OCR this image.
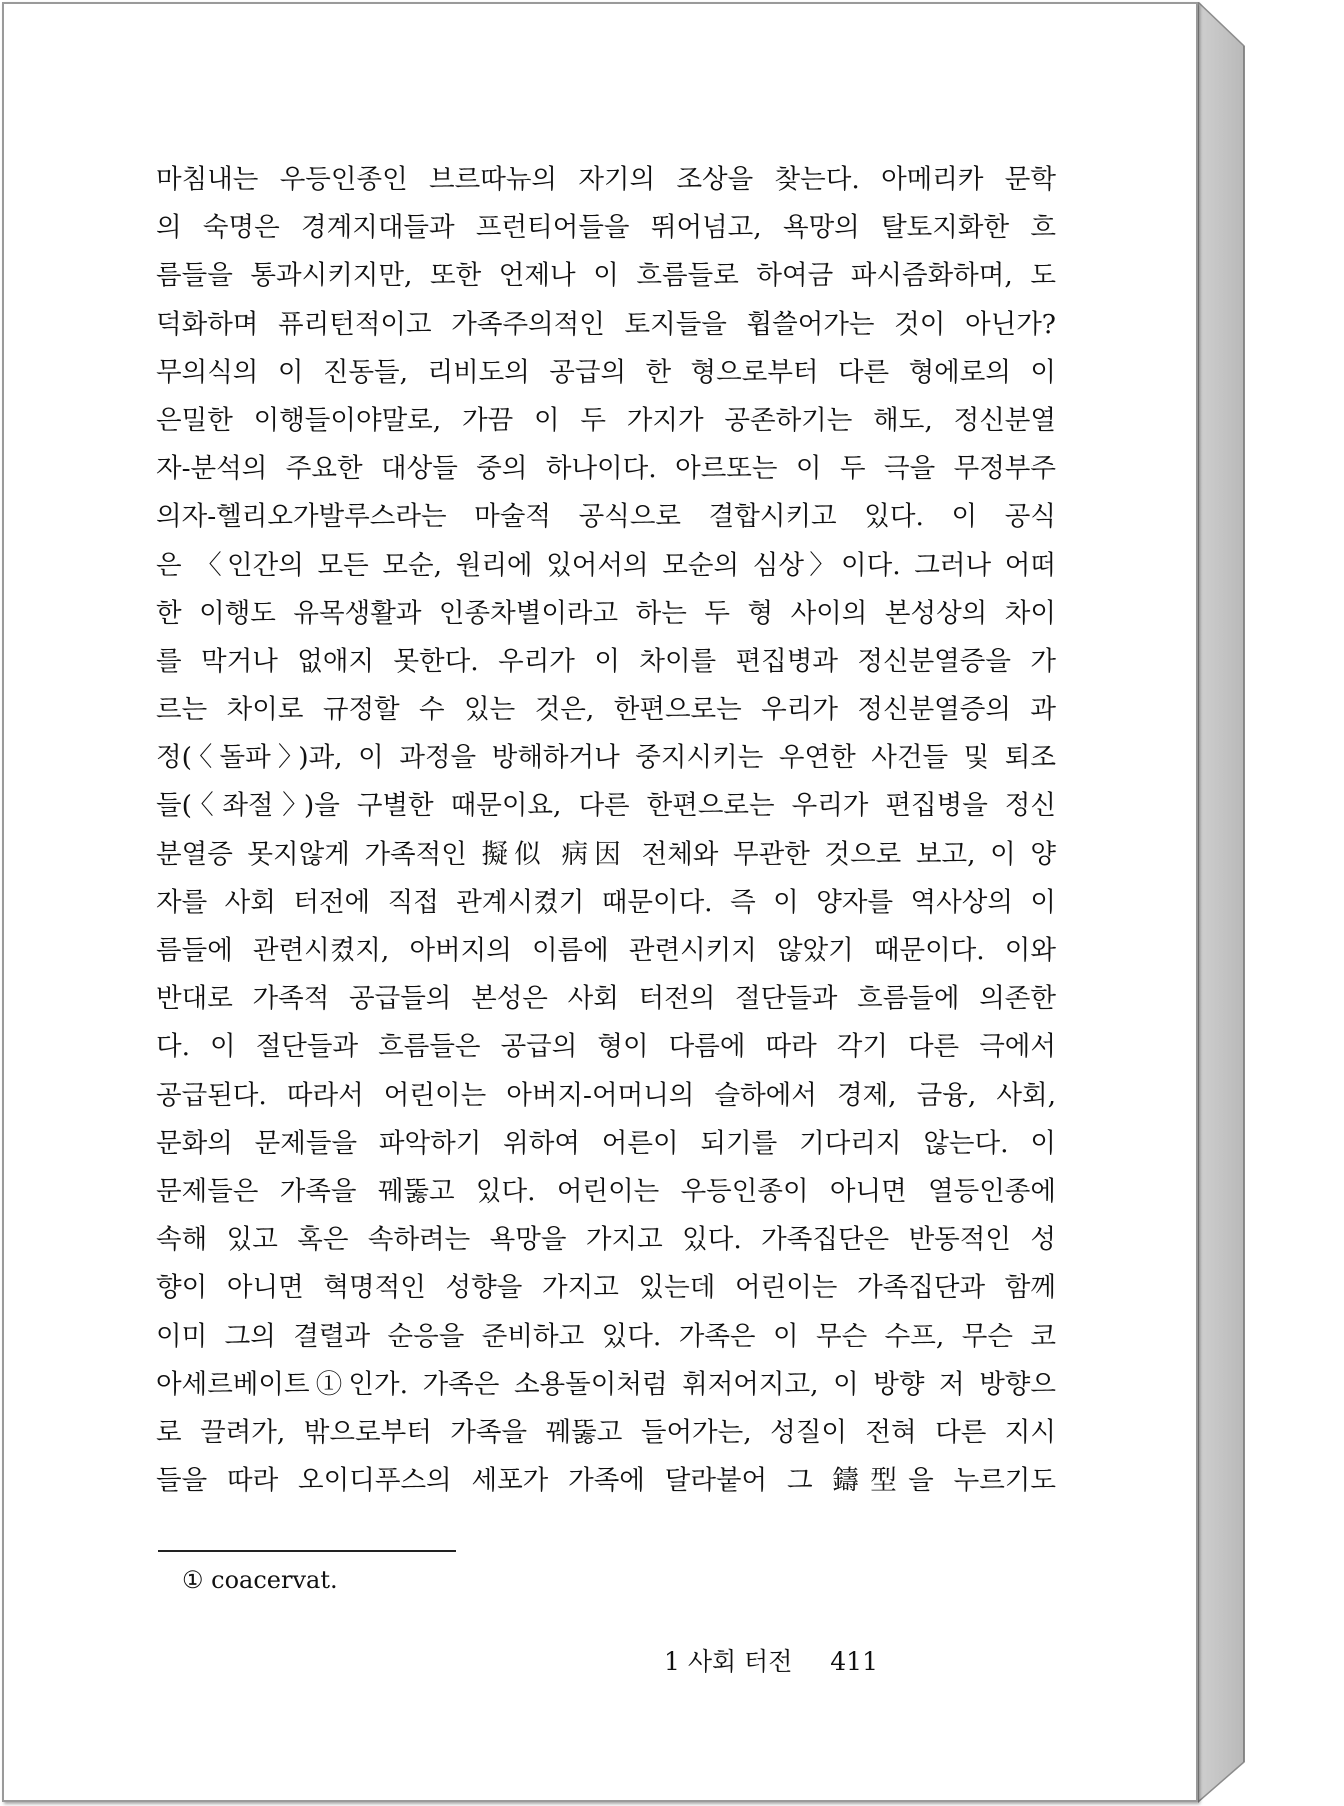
마침내는 우등인종인 브르따뉴의 자기의 조상을 찾는다. 아메리카 문학
의 숙명은 경계지대들과 프런티어들을 뛰어넘고, 욕망의 탈토지화한 흐
름들을 통과시키지만, 또한 언제나 이 흐름들로 하여금 파시즘화하며, 도
덕화하며 퓨리턴적이고 가족주의적인 토지들을 휩쓸어가는 것이 아닌가?
무의식의 이 진동들, 리비도의 공급의 한 형으로부터 다른 형에로의 이
은밀한 이행들이야말로, 가끔 이 두 가지가 공존하기는 해도, 정신분열
자-분석의 주요한 대상들 중의 하나이다. 아르또는 이 두 극을 무정부주
의자-헬리오가발루스라는 마술적 공식으로 결합시키고 있다. 이 공식
은 〈인간의 모든 모순, 원리에 있어서의 모순의 심상〉이다. 그러나 어떠
한 이행도 유목생활과 인종차별이라고 하는 두 형 사이의 본성상의 차이
를 막거나 없애지 못한다. 우리가 이 차이를 편집병과 정신분열증을 가
르는 차이로 규정할 수 있는 것은, 한편으로는 우리가 정신분열증의 과
정(〈돌파〉)과, 이 과정을 방해하거나 중지시키는 우연한 사건들 및 퇴조
들(〈좌절〉)을 구별한 때문이요, 다른 한편으로는 우리가 편집병을 정신
분열증 못지않게 가족적인 擬似 病因 전체와 무관한 것으로 보고, 이 양
자를 사회 터전에 직접 관계시켰기 때문이다. 즉 이 양자를 역사상의 이
름들에 관련시켰지, 아버지의 이름에 관련시키지 않았기 때문이다. 이와
반대로 가족적 공급들의 본성은 사회 터전의 절단들과 흐름들에 의존한
다. 이 절단들과 흐름들은 공급의 형이 다름에 따라 각기 다른 극에서
공급된다. 따라서 어린이는 아버지-어머니의 슬하에서 경제, 금융, 사회,
문화의 문제들을 파악하기 위하여 어른이 되기를 기다리지 않는다. 이
문제들은 가족을 꿰뚫고 있다. 어린이는 우등인종이 아니면 열등인종에
속해 있고 혹은 속하려는 욕망을 가지고 있다. 가족집단은 반동적인 성
향이 아니면 혁명적인 성향을 가지고 있는데 어린이는 가족집단과 함께
이미 그의 결렬과 순응을 준비하고 있다. 가족은 이 무슨 수프, 무슨 코
아세르베이트①인가. 가족은 소용돌이처럼 휘저어지고, 이 방향 저 방향으
로 끌려가, 밖으로부터 가족을 꿰뚫고 들어가는, 성질이 전혀 다른 지시
들을 따라 오이디푸스의 세포가 가족에 달라붙어 그 鑄型을 누르기도
① coacervat.
1 사회 터전 411
